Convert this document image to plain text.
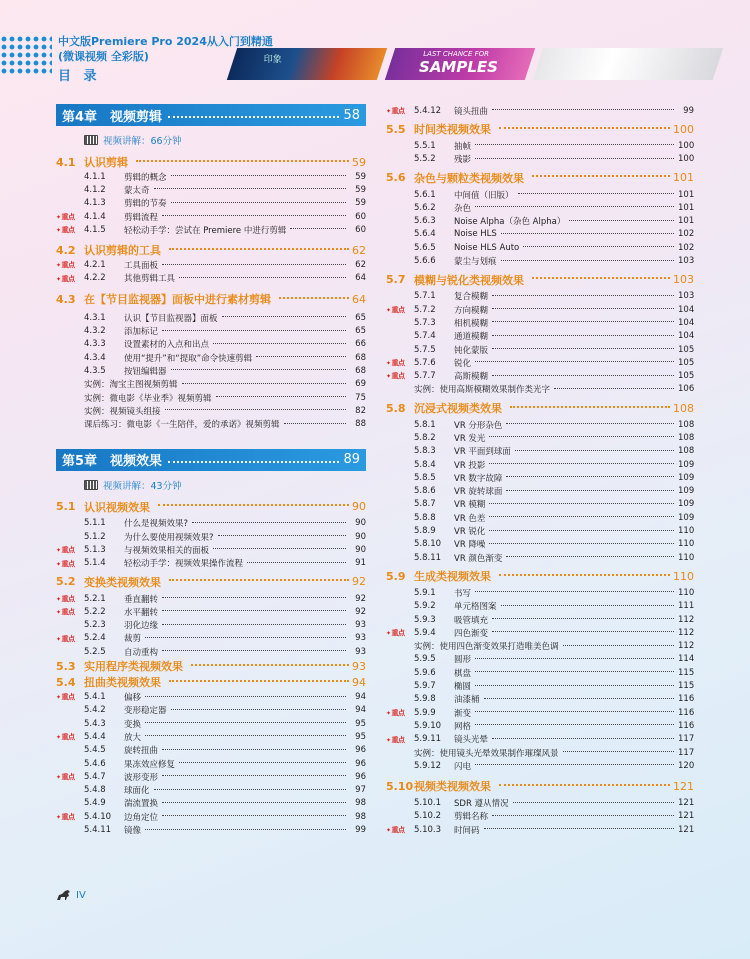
中文版Premiere Pro 2024从入门到精通
(微课视频 全彩版)
目 录
印象
LAST CHANCE FOR
SAMPLES
第4章　视频剪辑	58
视频讲解：66分钟
4.1 认识剪辑	59
4.1.1	剪辑的概念	59
4.1.2	蒙太奇	59
4.1.3	剪辑的节奏	59
✦ 重点	4.1.4	剪辑流程	60
✦ 重点	4.1.5	轻松动手学：尝试在 Premiere 中进行剪辑	60
4.2 认识剪辑的工具	62
✦ 重点	4.2.1	工具面板	62
✦ 重点	4.2.2	其他剪辑工具	64
4.3 在【节目监视器】面板中进行素材剪辑	64
4.3.1	认识【节目监视器】面板	65
4.3.2	添加标记	65
4.3.3	设置素材的入点和出点	66
4.3.4	使用“提升”和“提取”命令快速剪辑	68
4.3.5	按钮编辑器	68
实例：淘宝主图视频剪辑	69
实例：微电影《毕业季》视频剪辑	75
实例：视频镜头组接	82
课后练习：微电影《一生陪伴，爱的承诺》视频剪辑	88
第5章　视频效果	89
视频讲解：43分钟
5.1 认识视频效果	90
5.1.1	什么是视频效果?	90
5.1.2	为什么要使用视频效果?	90
✦ 重点	5.1.3	与视频效果相关的面板	90
✦ 重点	5.1.4	轻松动手学：视频效果操作流程	91
5.2 变换类视频效果	92
✦ 重点	5.2.1	垂直翻转	92
✦ 重点	5.2.2	水平翻转	92
5.2.3	羽化边缘	93
✦ 重点	5.2.4	裁剪	93
5.2.5	自动重构	93
5.3 实用程序类视频效果	93
5.4 扭曲类视频效果	94
✦ 重点	5.4.1	偏移	94
5.4.2	变形稳定器	94
5.4.3	变换	95
✦ 重点	5.4.4	放大	95
5.4.5	旋转扭曲	96
5.4.6	果冻效应修复	96
✦ 重点	5.4.7	波形变形	96
5.4.8	球面化	97
5.4.9	湍流置换	98
✦ 重点	5.4.10	边角定位	98
5.4.11	镜像	99
✦ 重点	5.4.12	镜头扭曲	99
5.5 时间类视频效果	100
5.5.1	抽帧	100
5.5.2	残影	100
5.6 杂色与颗粒类视频效果	101
5.6.1	中间值（旧版）	101
5.6.2	杂色	101
5.6.3	Noise Alpha（杂色 Alpha）	101
5.6.4	Noise HLS	102
5.6.5	Noise HLS Auto	102
5.6.6	蒙尘与划痕	103
5.7 模糊与锐化类视频效果	103
5.7.1	复合模糊	103
✦ 重点	5.7.2	方向模糊	104
5.7.3	相机模糊	104
5.7.4	通道模糊	104
5.7.5	钝化蒙版	105
✦ 重点	5.7.6	锐化	105
✦ 重点	5.7.7	高斯模糊	105
实例：使用高斯模糊效果制作类光字	106
5.8 沉浸式视频类效果	108
5.8.1	VR 分形杂色	108
5.8.2	VR 发光	108
5.8.3	VR 平面到球面	108
5.8.4	VR 投影	109
5.8.5	VR 数字故障	109
5.8.6	VR 旋转球面	109
5.8.7	VR 模糊	109
5.8.8	VR 色差	109
5.8.9	VR 锐化	110
5.8.10	VR 降噪	110
5.8.11	VR 颜色渐变	110
5.9 生成类视频效果	110
5.9.1	书写	110
5.9.2	单元格图案	111
5.9.3	吸管填充	112
✦ 重点	5.9.4	四色渐变	112
实例：使用四色渐变效果打造唯美色调	112
5.9.5	圆形	114
5.9.6	棋盘	115
5.9.7	椭圆	115
5.9.8	油漆桶	116
✦ 重点	5.9.9	渐变	116
5.9.10	网格	116
✦ 重点	5.9.11	镜头光晕	117
实例：使用镜头光晕效果制作璀璨风景	117
5.9.12	闪电	120
5.10 视频类视频效果	121
5.10.1	SDR 遵从情况	121
5.10.2	剪辑名称	121
✦ 重点	5.10.3	时间码	121
IV
